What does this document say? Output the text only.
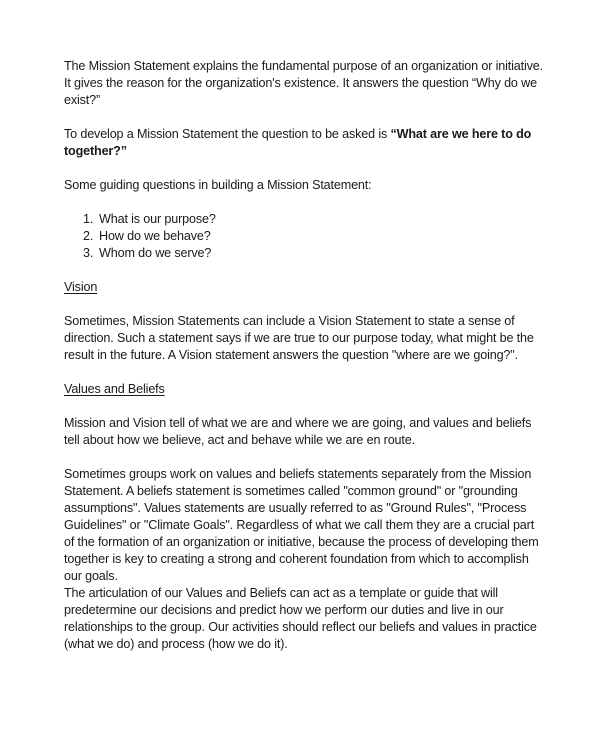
The Mission Statement explains the fundamental purpose of an organization or initiative. It gives the reason for the organization's existence. It answers the question “Why do we exist?”

To develop a Mission Statement the question to be asked is “What are we here to do together?”

Some guiding questions in building a Mission Statement:

1. What is our purpose?
2. How do we behave?
3. Whom do we serve?

Vision

Sometimes, Mission Statements can include a Vision Statement to state a sense of direction. Such a statement says if we are true to our purpose today, what might be the result in the future. A Vision statement answers the question "where are we going?".

Values and Beliefs

Mission and Vision tell of what we are and where we are going, and values and beliefs tell about how we believe, act and behave while we are en route.

Sometimes groups work on values and beliefs statements separately from the Mission Statement. A beliefs statement is sometimes called "common ground" or "grounding assumptions". Values statements are usually referred to as "Ground Rules", "Process Guidelines" or "Climate Goals". Regardless of what we call them they are a crucial part of the formation of an organization or initiative, because the process of developing them together is key to creating a strong and coherent foundation from which to accomplish our goals.

The articulation of our Values and Beliefs can act as a template or guide that will predetermine our decisions and predict how we perform our duties and live in our relationships to the group. Our activities should reflect our beliefs and values in practice (what we do) and process (how we do it).
